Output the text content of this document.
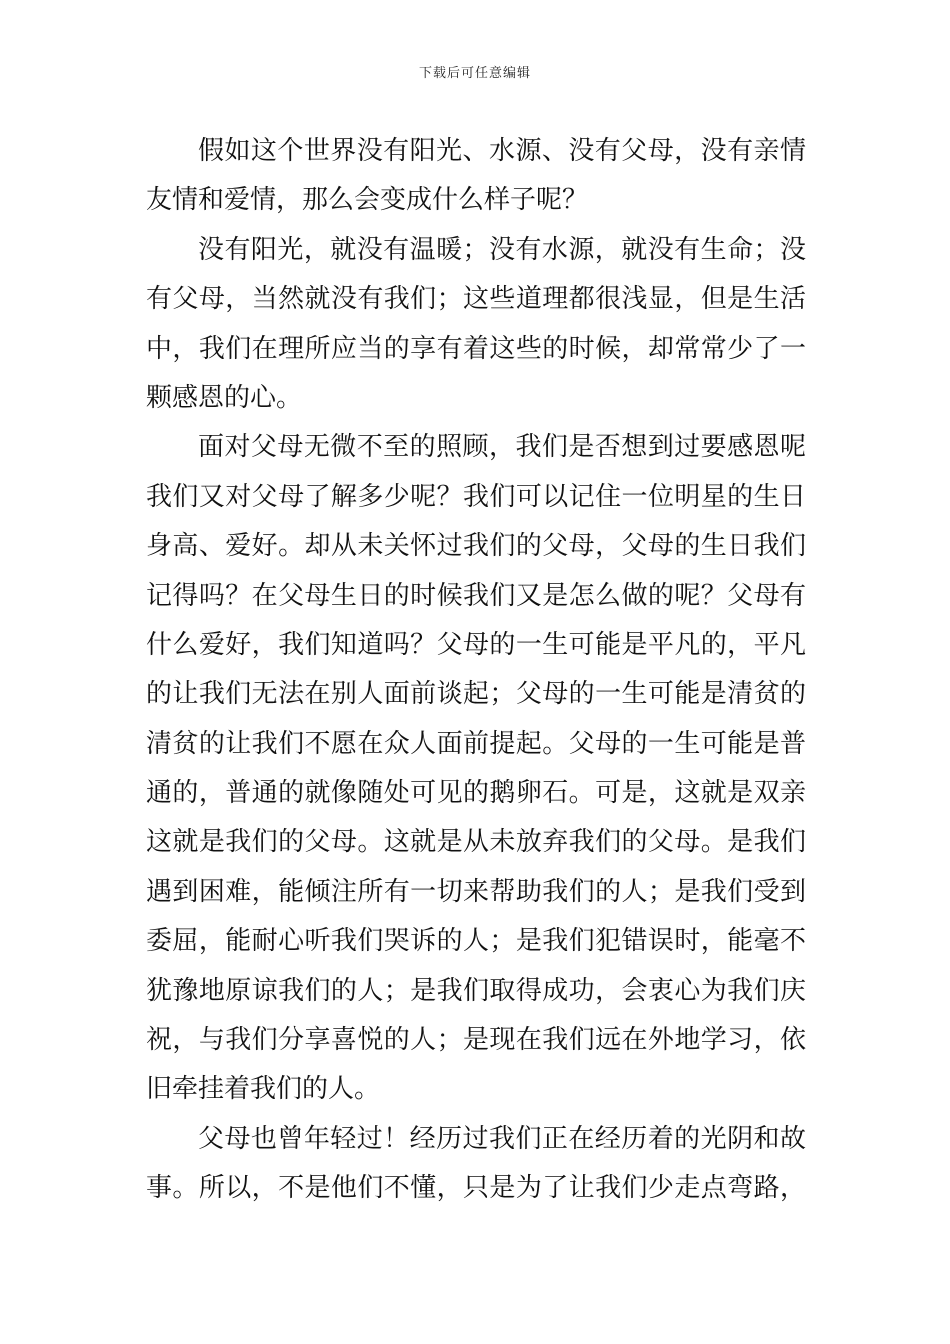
下载后可任意编辑

假如这个世界没有阳光、水源、没有父母，没有亲情
友情和爱情，那么会变成什么样子呢？

没有阳光，就没有温暖；没有水源，就没有生命；没
有父母，当然就没有我们；这些道理都很浅显，但是生活
中，我们在理所应当的享有着这些的时候，却常常少了一
颗感恩的心。

面对父母无微不至的照顾，我们是否想到过要感恩呢
我们又对父母了解多少呢？我们可以记住一位明星的生日
身高、爱好。却从未关怀过我们的父母，父母的生日我们
记得吗？在父母生日的时候我们又是怎么做的呢？父母有
什么爱好，我们知道吗？父母的一生可能是平凡的，平凡
的让我们无法在别人面前谈起；父母的一生可能是清贫的
清贫的让我们不愿在众人面前提起。父母的一生可能是普
通的，普通的就像随处可见的鹅卵石。可是，这就是双亲
这就是我们的父母。这就是从未放弃我们的父母。是我们
遇到困难，能倾注所有一切来帮助我们的人；是我们受到
委屈，能耐心听我们哭诉的人；是我们犯错误时，能毫不
犹豫地原谅我们的人；是我们取得成功，会衷心为我们庆
祝，与我们分享喜悦的人；是现在我们远在外地学习，依
旧牵挂着我们的人。

父母也曾年轻过！经历过我们正在经历着的光阴和故
事。所以，不是他们不懂，只是为了让我们少走点弯路，
